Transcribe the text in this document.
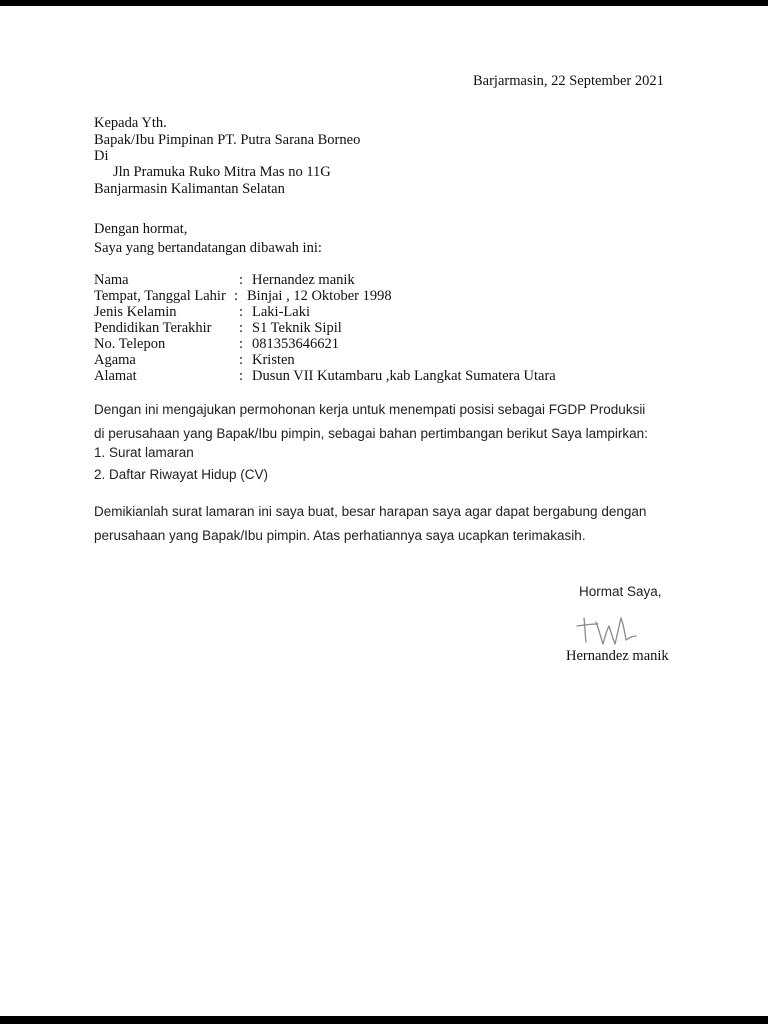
Barjarmasin, 22 September 2021
Kepada Yth.
Bapak/Ibu Pimpinan PT. Putra Sarana Borneo
Di
Jln Pramuka Ruko Mitra Mas no 11G
Banjarmasin Kalimantan Selatan
Dengan hormat,
Saya yang bertandatangan dibawah ini:
Nama	: Hernandez manik
Tempat, Tanggal Lahir : Binjai , 12 Oktober 1998
Jenis Kelamin	: Laki-Laki
Pendidikan Terakhir : S1 Teknik Sipil
No. Telepon	: 081353646621
Agama	: Kristen
Alamat	: Dusun VII Kutambaru ,kab Langkat Sumatera Utara
Dengan ini mengajukan permohonan kerja untuk menempati posisi sebagai FGDP Produksii
di perusahaan yang Bapak/Ibu pimpin, sebagai bahan pertimbangan berikut Saya lampirkan:
1. Surat lamaran
2. Daftar Riwayat Hidup (CV)
Demikianlah surat lamaran ini saya buat, besar harapan saya agar dapat bergabung dengan
perusahaan yang Bapak/Ibu pimpin. Atas perhatiannya saya ucapkan terimakasih.
Hormat Saya,
Hernandez manik
